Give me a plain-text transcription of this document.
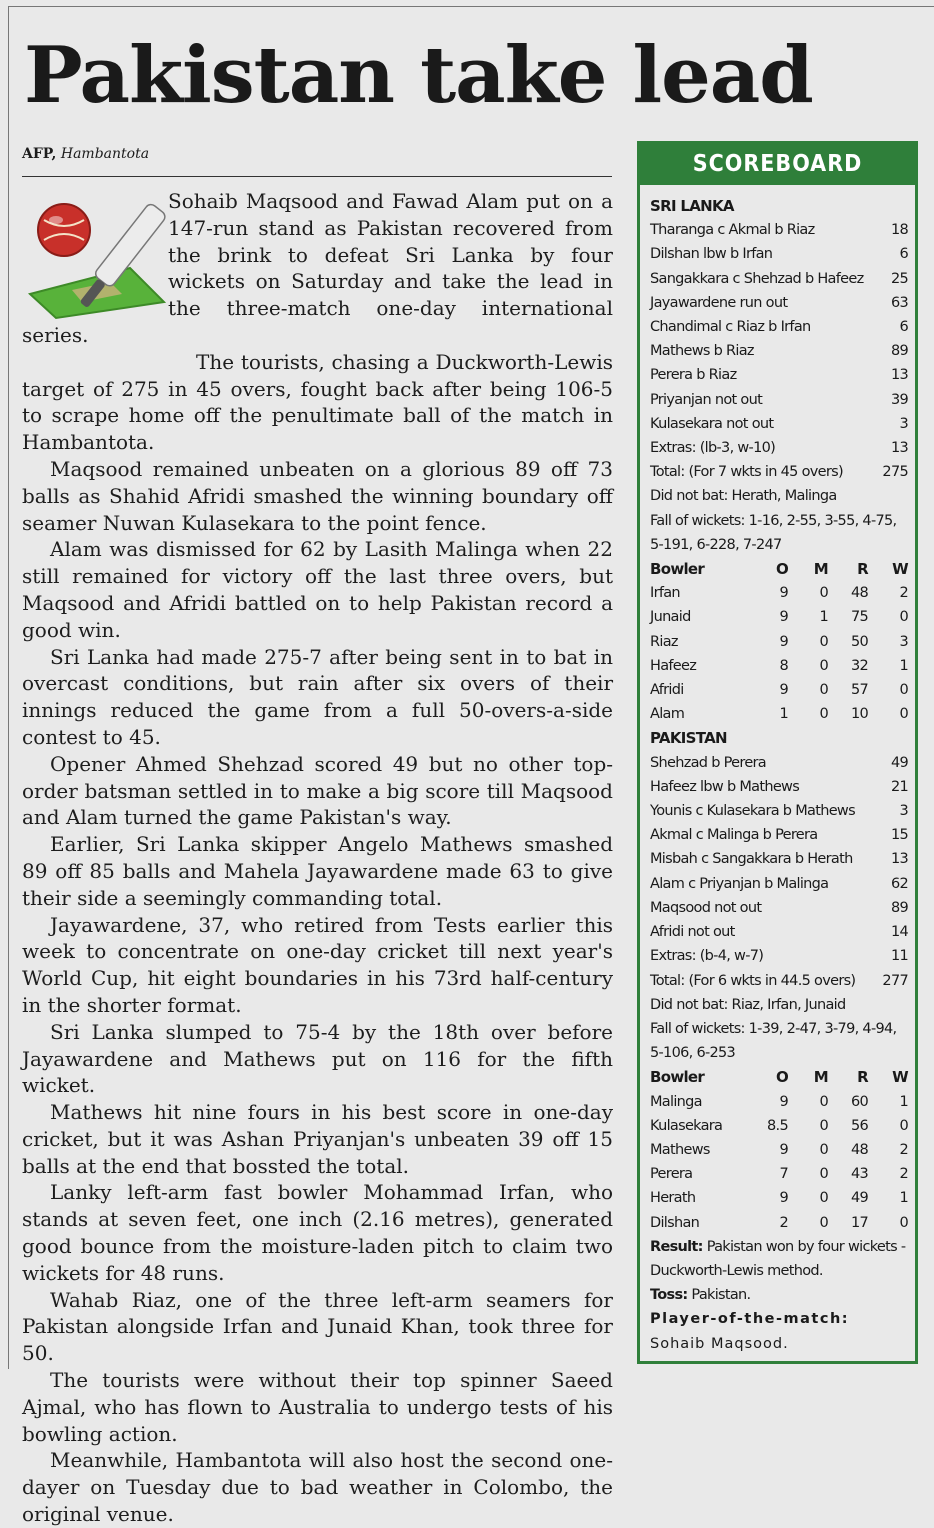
Pakistan take lead
AFP, Hambantota

Sohaib Maqsood and Fawad Alam put on a 147-run stand as Pakistan recovered from the brink to defeat Sri Lanka by four wickets on Saturday and take the lead in the three-match one-day international series.

The tourists, chasing a Duckworth-Lewis target of 275 in 45 overs, fought back after being 106-5 to scrape home off the penultimate ball of the match in Hambantota.

Maqsood remained unbeaten on a glorious 89 off 73 balls as Shahid Afridi smashed the winning boundary off seamer Nuwan Kulasekara to the point fence.

Alam was dismissed for 62 by Lasith Malinga when 22 still remained for victory off the last three overs, but Maqsood and Afridi battled on to help Pakistan record a good win.

Sri Lanka had made 275-7 after being sent in to bat in overcast conditions, but rain after six overs of their innings reduced the game from a full 50-overs-a-side contest to 45.

Opener Ahmed Shehzad scored 49 but no other top-order batsman settled in to make a big score till Maqsood and Alam turned the game Pakistan's way.

Earlier, Sri Lanka skipper Angelo Mathews smashed 89 off 85 balls and Mahela Jayawardene made 63 to give their side a seemingly commanding total.

Jayawardene, 37, who retired from Tests earlier this week to concentrate on one-day cricket till next year's World Cup, hit eight boundaries in his 73rd half-century in the shorter format.

Sri Lanka slumped to 75-4 by the 18th over before Jayawardene and Mathews put on 116 for the fifth wicket.

Mathews hit nine fours in his best score in one-day cricket, but it was Ashan Priyanjan's unbeaten 39 off 15 balls at the end that bossted the total.

Lanky left-arm fast bowler Mohammad Irfan, who stands at seven feet, one inch (2.16 metres), generated good bounce from the moisture-laden pitch to claim two wickets for 48 runs.

Wahab Riaz, one of the three left-arm seamers for Pakistan alongside Irfan and Junaid Khan, took three for 50.

The tourists were without their top spinner Saeed Ajmal, who has flown to Australia to undergo tests of his bowling action.

Meanwhile, Hambantota will also host the second one-dayer on Tuesday due to bad weather in Colombo, the original venue.

SCOREBOARD
SRI LANKA
Tharanga c Akmal b Riaz	18
Dilshan lbw b Irfan	6
Sangakkara c Shehzad b Hafeez 25
Jayawardene run out	63
Chandimal c Riaz b Irfan	6
Mathews b Riaz	89
Perera b Riaz	13
Priyanjan not out	39
Kulasekara not out	3
Extras: (lb-3, w-10)	13
Total: (For 7 wkts in 45 overs)	275
Did not bat: Herath, Malinga
Fall of wickets: 1-16, 2-55, 3-55, 4-75, 5-191, 6-228, 7-247
Bowler	O	M	R	W
Irfan	9	0	48	2
Junaid	9	1	75	0
Riaz	9	0	50	3
Hafeez	8	0	32	1
Afridi	9	0	57	0
Alam	1	0	10	0
PAKISTAN
Shehzad b Perera	49
Hafeez lbw b Mathews	21
Younis c Kulasekara b Mathews	3
Akmal c Malinga b Perera	15
Misbah c Sangakkara b Herath	13
Alam c Priyanjan b Malinga	62
Maqsood not out	89
Afridi not out	14
Extras: (b-4, w-7)	11
Total: (For 6 wkts in 44.5 overs) 277
Did not bat: Riaz, Irfan, Junaid
Fall of wickets: 1-39, 2-47, 3-79, 4-94, 5-106, 6-253
Bowler	O	M	R	W
Malinga	9	0	60	1
Kulasekara	8.5	0	56	0
Mathews	9	0	48	2
Perera	7	0	43	2
Herath	9	0	49	1
Dilshan	2	0	17	0
Result: Pakistan won by four wickets - Duckworth-Lewis method.
Toss: Pakistan.
Player-of-the-match: Sohaib Maqsood.
